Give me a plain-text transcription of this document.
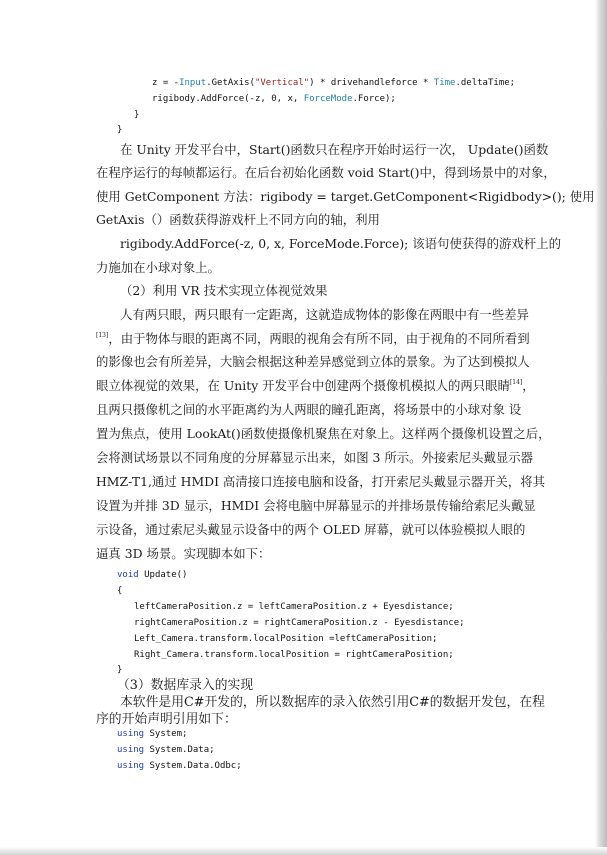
z = -Input.GetAxis("Vertical") * drivehandleforce * Time.deltaTime;
rigibody.AddForce(-z, 0, x, ForceMode.Force);
}
}
在 Unity 开发平台中，Start()函数只在程序开始时运行一次， Update()函数
在程序运行的每帧都运行。在后台初始化函数 void Start()中，得到场景中的对象，
使用 GetComponent 方法：rigibody = target.GetComponent<Rigidbody>(); 使用
GetAxis（）函数获得游戏杆上不同方向的轴，利用
rigibody.AddForce(-z, 0, x, ForceMode.Force); 该语句使获得的游戏杆上的
力施加在小球对象上。
（2）利用 VR 技术实现立体视觉效果
人有两只眼，两只眼有一定距离，这就造成物体的影像在两眼中有一些差异
[13]，由于物体与眼的距离不同，两眼的视角会有所不同，由于视角的不同所看到
的影像也会有所差异，大脑会根据这种差异感觉到立体的景象。为了达到模拟人
眼立体视觉的效果，在 Unity 开发平台中创建两个摄像机模拟人的两只眼睛[14]，
且两只摄像机之间的水平距离约为人两眼的瞳孔距离，将场景中的小球对象 设
置为焦点，使用 LookAt()函数使摄像机聚焦在对象上。这样两个摄像机设置之后，
会将测试场景以不同角度的分屏幕显示出来，如图 3 所示。外接索尼头戴显示器
HMZ-T1,通过 HMDI 高清接口连接电脑和设备，打开索尼头戴显示器开关，将其
设置为并排 3D 显示，HMDI 会将电脑中屏幕显示的并排场景传输给索尼头戴显
示设备，通过索尼头戴显示设备中的两个 OLED 屏幕，就可以体验模拟人眼的
逼真 3D 场景。实现脚本如下：
void Update()
{
leftCameraPosition.z = leftCameraPosition.z + Eyesdistance;
rightCameraPosition.z = rightCameraPosition.z - Eyesdistance;
Left_Camera.transform.localPosition =leftCameraPosition;
Right_Camera.transform.localPosition = rightCameraPosition;
}
（3）数据库录入的实现
本软件是用C#开发的，所以数据库的录入依然引用C#的数据开发包，在程
序的开始声明引用如下：
using System;
using System.Data;
using System.Data.Odbc;
